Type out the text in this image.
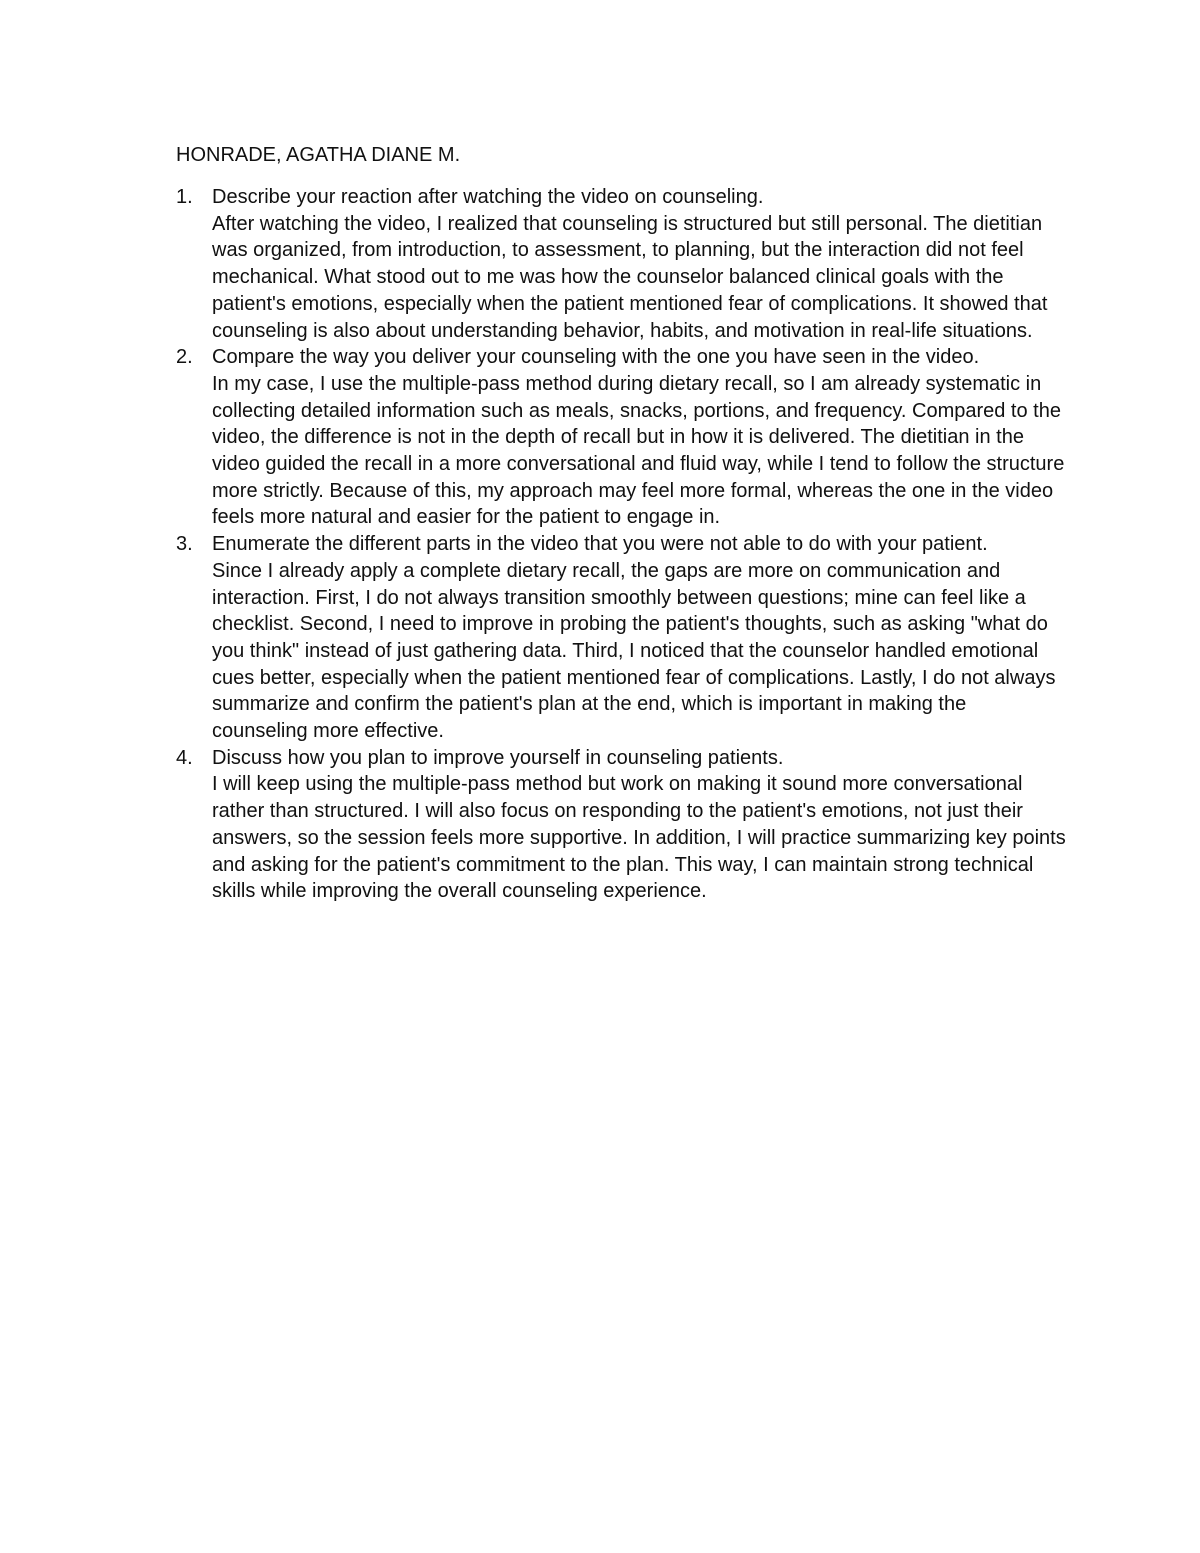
HONRADE, AGATHA DIANE M.

1. Describe your reaction after watching the video on counseling.
After watching the video, I realized that counseling is structured but still personal. The dietitian was organized, from introduction, to assessment, to planning, but the interaction did not feel mechanical. What stood out to me was how the counselor balanced clinical goals with the patient's emotions, especially when the patient mentioned fear of complications. It showed that counseling is also about understanding behavior, habits, and motivation in real-life situations.
2. Compare the way you deliver your counseling with the one you have seen in the video.
In my case, I use the multiple-pass method during dietary recall, so I am already systematic in collecting detailed information such as meals, snacks, portions, and frequency. Compared to the video, the difference is not in the depth of recall but in how it is delivered. The dietitian in the video guided the recall in a more conversational and fluid way, while I tend to follow the structure more strictly. Because of this, my approach may feel more formal, whereas the one in the video feels more natural and easier for the patient to engage in.
3. Enumerate the different parts in the video that you were not able to do with your patient.
Since I already apply a complete dietary recall, the gaps are more on communication and interaction. First, I do not always transition smoothly between questions; mine can feel like a checklist. Second, I need to improve in probing the patient's thoughts, such as asking "what do you think" instead of just gathering data. Third, I noticed that the counselor handled emotional cues better, especially when the patient mentioned fear of complications. Lastly, I do not always summarize and confirm the patient's plan at the end, which is important in making the counseling more effective.
4. Discuss how you plan to improve yourself in counseling patients.
I will keep using the multiple-pass method but work on making it sound more conversational rather than structured. I will also focus on responding to the patient's emotions, not just their answers, so the session feels more supportive. In addition, I will practice summarizing key points and asking for the patient's commitment to the plan. This way, I can maintain strong technical skills while improving the overall counseling experience.
